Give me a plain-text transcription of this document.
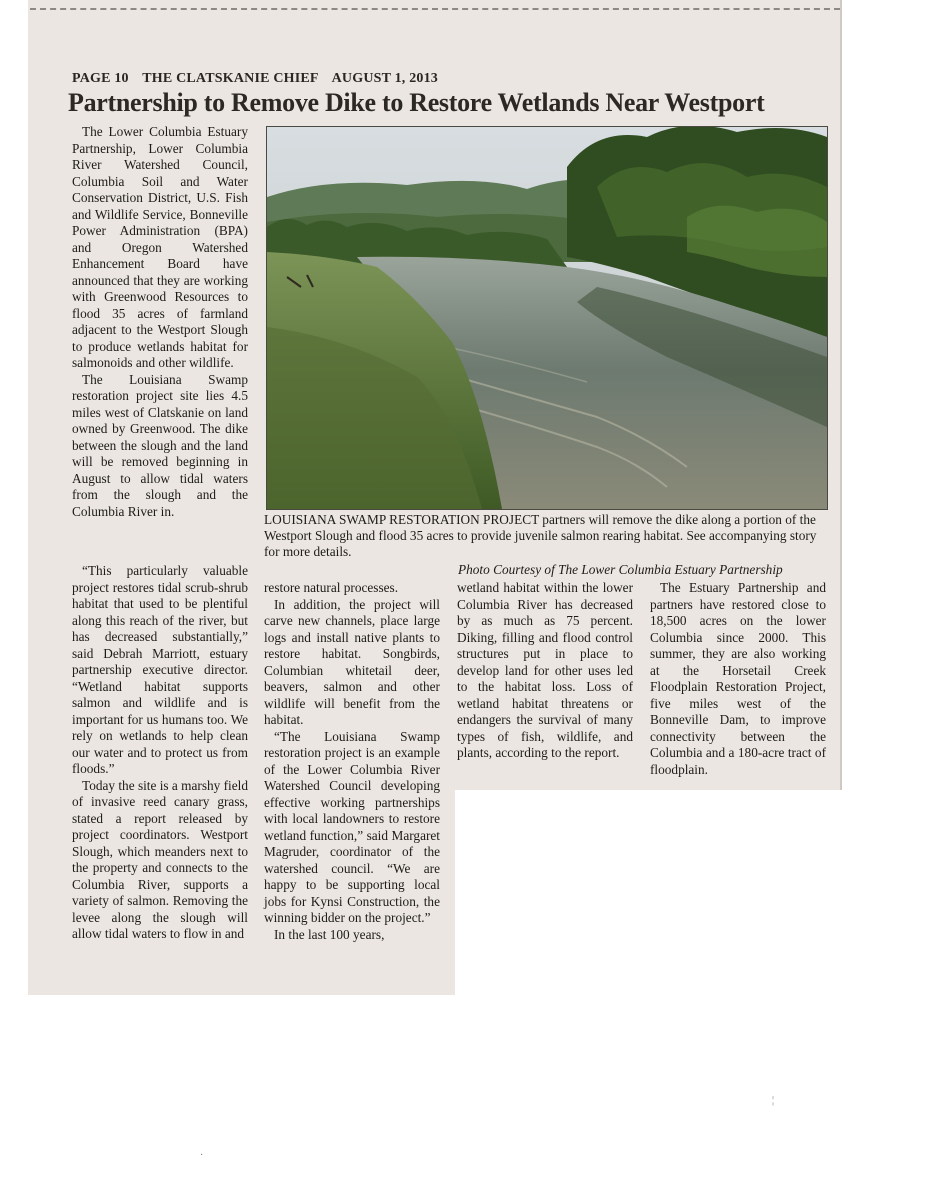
PAGE 10 THE CLATSKANIE CHIEF AUGUST 1, 2013
Partnership to Remove Dike to Restore Wetlands Near Westport
LOUISIANA SWAMP RESTORATION PROJECT partners will remove the dike along a portion of the Westport Slough and flood 35 acres to provide juvenile salmon rearing habitat. See accompanying story for more details.
Photo Courtesy of The Lower Columbia Estuary Partnership

The Lower Columbia Estuary Partnership, Lower Columbia River Watershed Council, Columbia Soil and Water Conservation District, U.S. Fish and Wildlife Service, Bonneville Power Administration (BPA) and Oregon Watershed Enhancement Board have announced that they are working with Greenwood Resources to flood 35 acres of farmland adjacent to the Westport Slough to produce wetlands habitat for salmonoids and other wildlife.

The Louisiana Swamp restoration project site lies 4.5 miles west of Clatskanie on land owned by Greenwood. The dike between the slough and the land will be removed beginning in August to allow tidal waters from the slough and the Columbia River in.

“This particularly valuable project restores tidal scrub-shrub habitat that used to be plentiful along this reach of the river, but has decreased substantially,” said Debrah Marriott, estuary partnership executive director. “Wetland habitat supports salmon and wildlife and is important for us humans too. We rely on wetlands to help clean our water and to protect us from floods.”

Today the site is a marshy field of invasive reed canary grass, stated a report released by project coordinators. Westport Slough, which meanders next to the property and connects to the Columbia River, supports a variety of salmon. Removing the levee along the slough will allow tidal waters to flow in and

restore natural processes.

In addition, the project will carve new channels, place large logs and install native plants to restore habitat. Songbirds, Columbian whitetail deer, beavers, salmon and other wildlife will benefit from the habitat.

“The Louisiana Swamp restoration project is an example of the Lower Columbia River Watershed Council developing effective working partnerships with local landowners to restore wetland function,” said Margaret Magruder, coordinator of the watershed council. “We are happy to be supporting local jobs for Kynsi Construction, the winning bidder on the project.”

In the last 100 years,

wetland habitat within the lower Columbia River has decreased by as much as 75 percent. Diking, filling and flood control structures put in place to develop land for other uses led to the habitat loss. Loss of wetland habitat threatens or endangers the survival of many types of fish, wildlife, and plants, according to the report.

The Estuary Partnership and partners have restored close to 18,500 acres on the lower Columbia since 2000. This summer, they are also working at the Horsetail Creek Floodplain Restoration Project, five miles west of the Bonneville Dam, to improve connectivity between the Columbia and a 180-acre tract of floodplain.

·
¦
